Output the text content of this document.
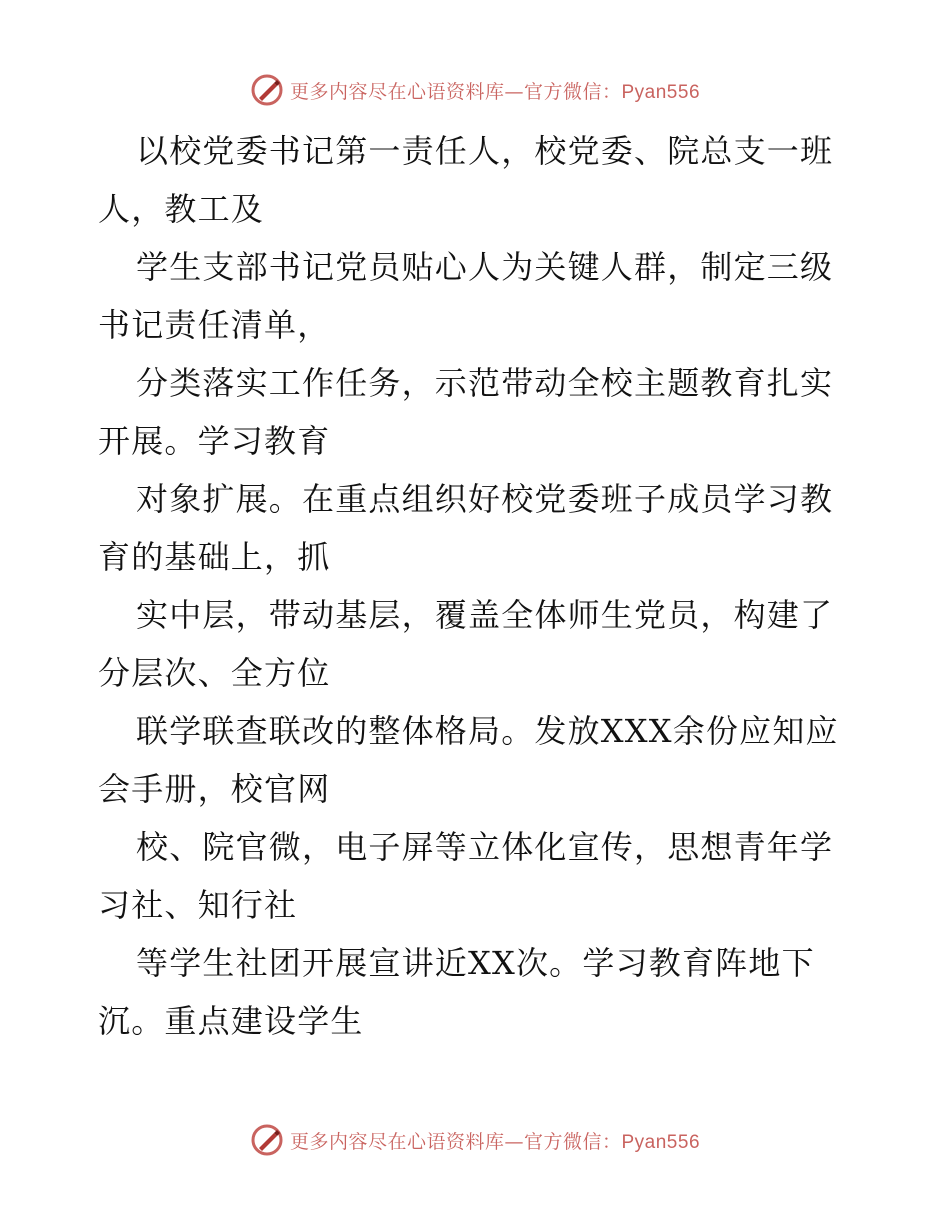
更多内容尽在心语资料库—官方微信：Pyan556

以校党委书记第一责任人，校党委、院总支一班人，教工及

学生支部书记党员贴心人为关键人群，制定三级书记责任清单，

分类落实工作任务，示范带动全校主题教育扎实开展。学习教育

对象扩展。在重点组织好校党委班子成员学习教育的基础上，抓

实中层，带动基层，覆盖全体师生党员，构建了分层次、全方位

联学联查联改的整体格局。发放XXX余份应知应会手册，校官网

校、院官微，电子屏等立体化宣传，思想青年学习社、知行社

等学生社团开展宣讲近XX次。学习教育阵地下沉。重点建设学生

更多内容尽在心语资料库—官方微信：Pyan556
